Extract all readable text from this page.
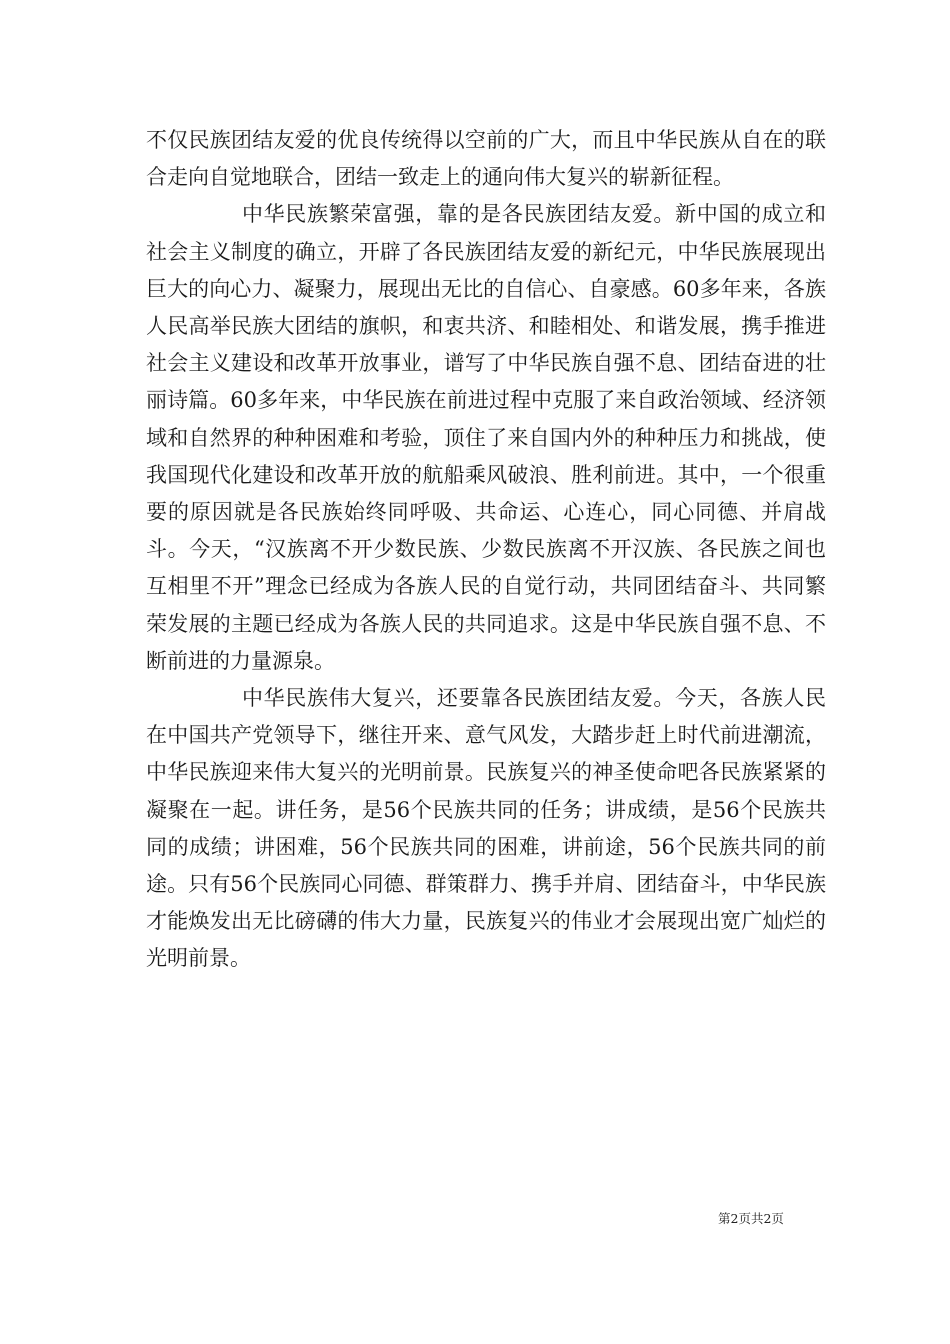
不仅民族团结友爱的优良传统得以空前的广大，而且中华民族从自在的联合走向自觉地联合，团结一致走上的通向伟大复兴的崭新征程。

中华民族繁荣富强，靠的是各民族团结友爱。新中国的成立和社会主义制度的确立，开辟了各民族团结友爱的新纪元，中华民族展现出巨大的向心力、凝聚力，展现出无比的自信心、自豪感。60多年来，各族人民高举民族大团结的旗帜，和衷共济、和睦相处、和谐发展，携手推进社会主义建设和改革开放事业，谱写了中华民族自强不息、团结奋进的壮丽诗篇。60多年来，中华民族在前进过程中克服了来自政治领域、经济领域和自然界的种种困难和考验，顶住了来自国内外的种种压力和挑战，使我国现代化建设和改革开放的航船乘风破浪、胜利前进。其中，一个很重要的原因就是各民族始终同呼吸、共命运、心连心，同心同德、并肩战斗。今天，“汉族离不开少数民族、少数民族离不开汉族、各民族之间也互相里不开”理念已经成为各族人民的自觉行动，共同团结奋斗、共同繁荣发展的主题已经成为各族人民的共同追求。这是中华民族自强不息、不断前进的力量源泉。

中华民族伟大复兴，还要靠各民族团结友爱。今天，各族人民在中国共产党领导下，继往开来、意气风发，大踏步赶上时代前进潮流，中华民族迎来伟大复兴的光明前景。民族复兴的神圣使命吧各民族紧紧的凝聚在一起。讲任务，是56个民族共同的任务；讲成绩，是56个民族共同的成绩；讲困难，56个民族共同的困难，讲前途，56个民族共同的前途。只有56个民族同心同德、群策群力、携手并肩、团结奋斗，中华民族才能焕发出无比磅礴的伟大力量，民族复兴的伟业才会展现出宽广灿烂的光明前景。

第2页共2页
